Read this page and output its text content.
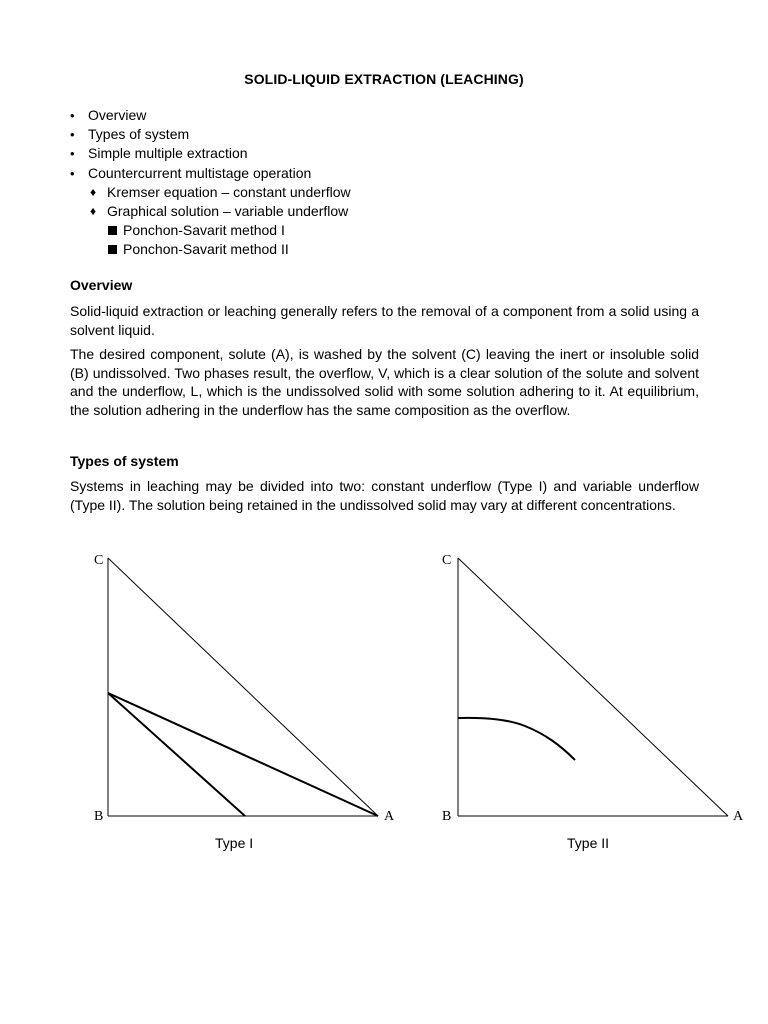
SOLID-LIQUID EXTRACTION (LEACHING)
• Overview
• Types of system
• Simple multiple extraction
• Countercurrent multistage operation
♦ Kremser equation – constant underflow
♦ Graphical solution – variable underflow
Ponchon-Savarit method I
Ponchon-Savarit method II
Overview
Solid-liquid extraction or leaching generally refers to the removal of a component from a solid using a solvent liquid.
The desired component, solute (A), is washed by the solvent (C) leaving the inert or insoluble solid (B) undissolved. Two phases result, the overflow, V, which is a clear solution of the solute and solvent and the underflow, L, which is the undissolved solid with some solution adhering to it. At equilibrium, the solution adhering in the underflow has the same composition as the overflow.
Types of system
Systems in leaching may be divided into two: constant underflow (Type I) and variable underflow (Type II). The solution being retained in the undissolved solid may vary at different concentrations.
C
B	A
Type I
C
B	A
Type II
